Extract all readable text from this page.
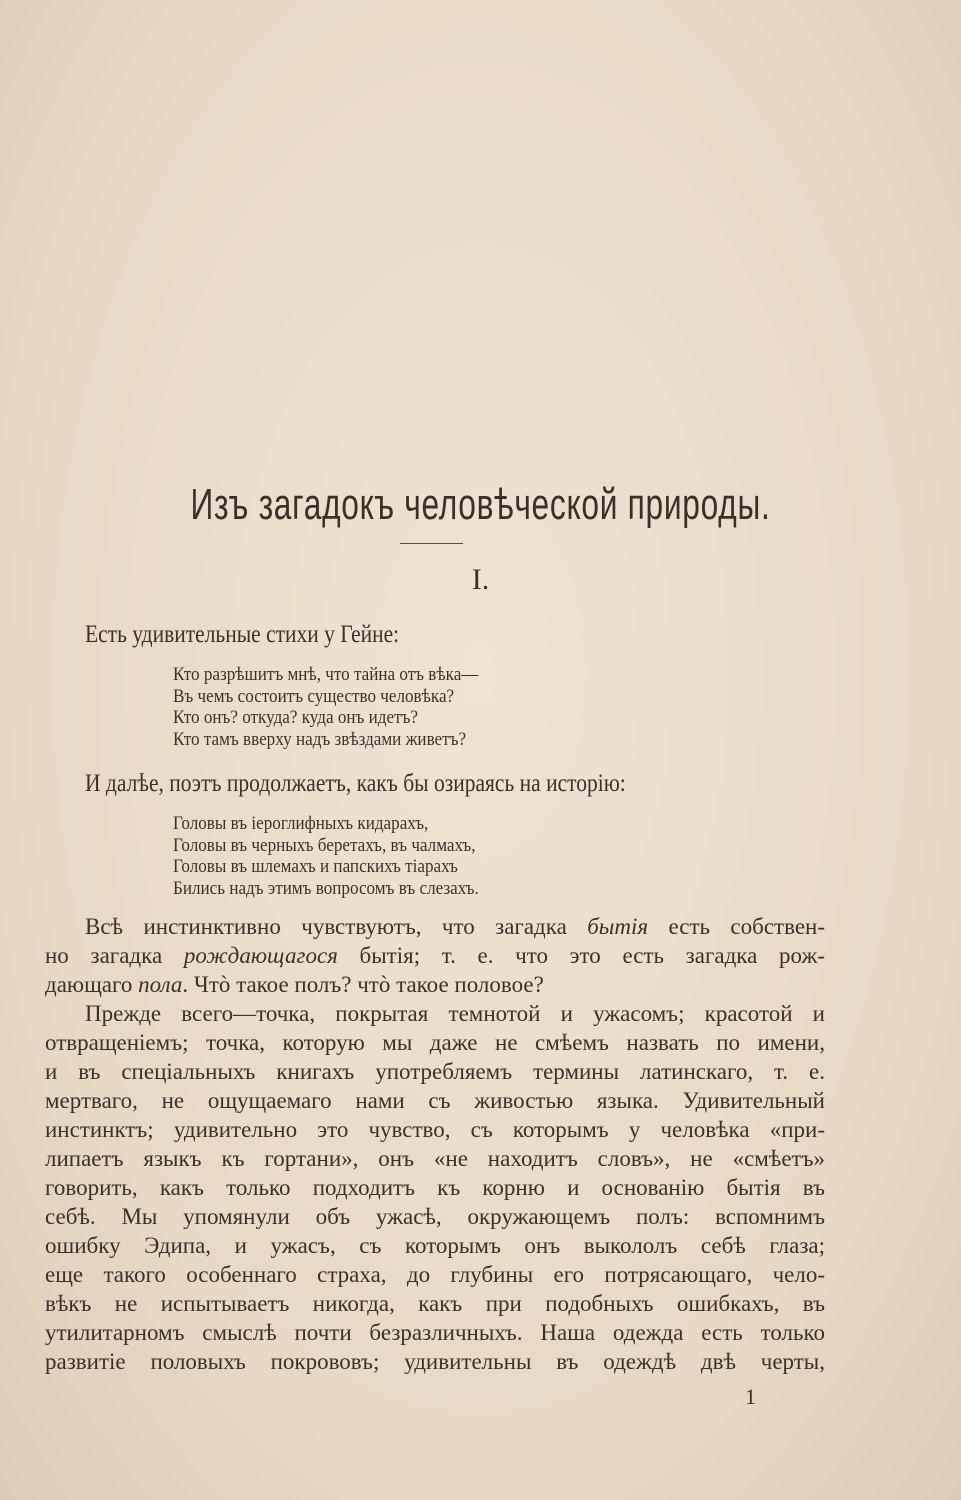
Изъ загадокъ человѣческой природы.
I.
Есть удивительные стихи у Гейне:
Кто разрѣшитъ мнѣ, что тайна отъ вѣка—
Въ чемъ состоитъ существо человѣка?
Кто онъ? откуда? куда онъ идетъ?
Кто тамъ вверху надъ звѣздами живетъ?
И далѣе, поэтъ продолжаетъ, какъ бы озираясь на исторію:
Головы въ іероглифныхъ кидарахъ,
Головы въ черныхъ беретахъ, въ чалмахъ,
Головы въ шлемахъ и папскихъ тіарахъ
Бились надъ этимъ вопросомъ въ слезахъ.
Всѣ инстинктивно чувствуютъ, что загадка бытія есть собствен-
но загадка рождающагося бытія; т. е. что это есть загадка рож-
дающаго пола. Чтò такое полъ? чтò такое половое?
Прежде всего—точка, покрытая темнотой и ужасомъ; красотой и
отвращеніемъ; точка, которую мы даже не смѣемъ назвать по имени,
и въ спеціальныхъ книгахъ употребляемъ термины латинскаго, т. е.
мертваго, не ощущаемаго нами съ живостью языка. Удивительный
инстинктъ; удивительно это чувство, съ которымъ у человѣка «при-
липаетъ языкъ къ гортани», онъ «не находитъ словъ», не «смѣетъ»
говорить, какъ только подходитъ къ корню и основанію бытія въ
себѣ. Мы упомянули объ ужасѣ, окружающемъ полъ: вспомнимъ
ошибку Эдипа, и ужасъ, съ которымъ онъ выкололъ себѣ глаза;
еще такого особеннаго страха, до глубины его потрясающаго, чело-
вѣкъ не испытываетъ никогда, какъ при подобныхъ ошибкахъ, въ
утилитарномъ смыслѣ почти безразличныхъ. Наша одежда есть только
развитіе половыхъ покрововъ; удивительны въ одеждѣ двѣ черты,
1
